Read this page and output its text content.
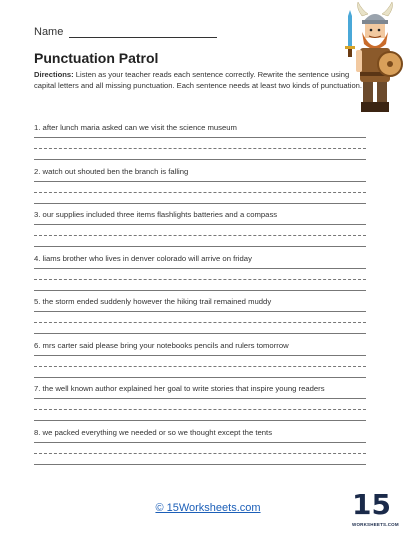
Name
Punctuation Patrol
Directions: Listen as your teacher reads each sentence correctly. Rewrite the sentence using capital letters and all missing punctuation. Each sentence needs at least two kinds of punctuation.
1. after lunch maria asked can we visit the science museum
2. watch out shouted ben the branch is falling
3. our supplies included three items flashlights batteries and a compass
4. liams brother who lives in denver colorado will arrive on friday
5. the storm ended suddenly however the hiking trail remained muddy
6. mrs carter said please bring your notebooks pencils and rulers tomorrow
7. the well known author explained her goal to write stories that inspire young readers
8. we packed everything we needed or so we thought except the tents
© 15Worksheets.com	15
WORKSHEETS.COM
